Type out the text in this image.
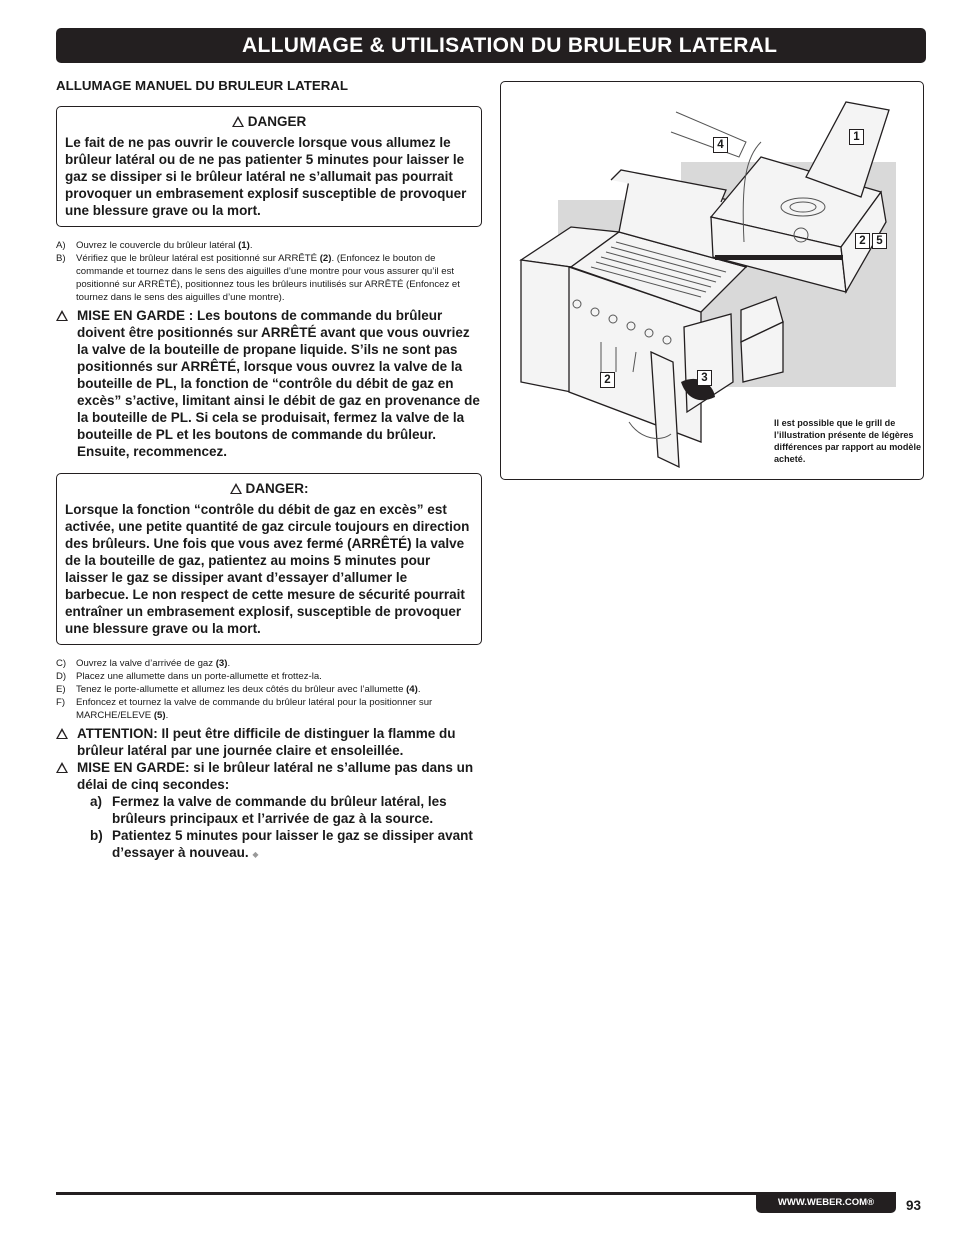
ALLUMAGE & UTILISATION DU BRULEUR LATERAL
ALLUMAGE MANUEL DU BRULEUR LATERAL
DANGER
Le fait de ne pas ouvrir le couvercle lorsque vous allumez le brûleur latéral ou de ne pas patienter 5 minutes pour laisser le gaz se dissiper si le brûleur latéral ne s’allumait pas pourrait provoquer un embrasement explosif susceptible de provoquer une blessure grave ou la mort.
A)	Ouvrez le couvercle du brûleur latéral (1).
B)	Vérifiez que le brûleur latéral est positionné sur ARRÊTÉ (2). (Enfoncez le bouton de commande et tournez dans le sens des aiguilles d’une montre pour vous assurer qu’il est positionné sur ARRÊTÉ), positionnez tous les brûleurs inutilisés sur ARRÊTÉ (Enfoncez et tournez dans le sens des aiguilles d’une montre).
MISE EN GARDE : Les boutons de commande du brûleur doivent être positionnés sur ARRÊTÉ avant que vous ouvriez la valve de la bouteille de propane liquide. S’ils ne sont pas positionnés sur ARRÊTÉ, lorsque vous ouvrez la valve de la bouteille de PL, la fonction de “contrôle du débit de gaz en excès” s’active, limitant ainsi le débit de gaz en provenance de la bouteille de PL. Si cela se produisait, fermez la valve de la bouteille de PL et les boutons de commande du brûleur. Ensuite, recommencez.
DANGER:
Lorsque la fonction “contrôle du débit de gaz en excès” est activée, une petite quantité de gaz circule toujours en direction des brûleurs. Une fois que vous avez fermé (ARRÊTÉ) la valve de la bouteille de gaz, patientez au moins 5 minutes pour laisser le gaz se dissiper avant d’essayer d’allumer le barbecue. Le non respect de cette mesure de sécurité pourrait entraîner un embrasement explosif, susceptible de provoquer une blessure grave ou la mort.
C)	Ouvrez la valve d’arrivée de gaz (3).
D)	Placez une allumette dans un porte-allumette et frottez-la.
E)	Tenez le porte-allumette et allumez les deux côtés du brûleur avec l’allumette (4).
F)	Enfoncez et tournez la valve de commande du brûleur latéral pour la positionner sur MARCHE/ELEVE (5).
ATTENTION: Il peut être difficile de distinguer la flamme du brûleur latéral par une journée claire et ensoleillée.
MISE EN GARDE: si le brûleur latéral ne s’allume pas dans un délai de cinq secondes:
a) Fermez la valve de commande du brûleur latéral, les brûleurs principaux et l’arrivée de gaz à la source.
b) Patientez 5 minutes pour laisser le gaz se dissiper avant d’essayer à nouveau. ◆
1
4
2 5
2	3
Il est possible que le grill de l’illustration présente de légères différences par rapport au modèle acheté.
WWW.WEBER.COM®	93
